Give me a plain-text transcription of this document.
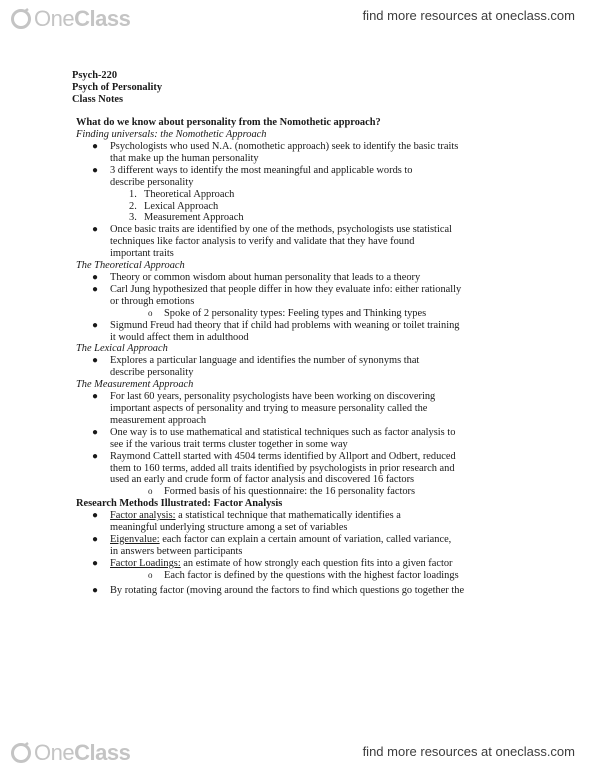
One Class	find more resources at oneclass.com
Psych-220
Psych of Personality
Class Notes
What do we know about personality from the Nomothetic approach?
Finding universals: the Nomothetic Approach
● Psychologists who used N.A. (nomothetic approach) seek to identify the basic traits
that make up the human personality
● 3 different ways to identify the most meaningful and applicable words to
describe personality
1. Theoretical Approach
2. Lexical Approach
3. Measurement Approach
● Once basic traits are identified by one of the methods, psychologists use statistical
techniques like factor analysis to verify and validate that they have found
important traits
The Theoretical Approach
● Theory or common wisdom about human personality that leads to a theory
● Carl Jung hypothesized that people differ in how they evaluate info: either rationally
or through emotions
o Spoke of 2 personality types: Feeling types and Thinking types
● Sigmund Freud had theory that if child had problems with weaning or toilet training
it would affect them in adulthood
The Lexical Approach
● Explores a particular language and identifies the number of synonyms that
describe personality
The Measurement Approach
● For last 60 years, personality psychologists have been working on discovering
important aspects of personality and trying to measure personality called the
measurement approach
● One way is to use mathematical and statistical techniques such as factor analysis to
see if the various trait terms cluster together in some way
● Raymond Cattell started with 4504 terms identified by Allport and Odbert, reduced
them to 160 terms, added all traits identified by psychologists in prior research and
used an early and crude form of factor analysis and discovered 16 factors
o Formed basis of his questionnaire: the 16 personality factors
Research Methods Illustrated: Factor Analysis
● Factor analysis: a statistical technique that mathematically identifies a
meaningful underlying structure among a set of variables
● Eigenvalue: each factor can explain a certain amount of variation, called variance,
in answers between participants
● Factor Loadings: an estimate of how strongly each question fits into a given factor
o Each factor is defined by the questions with the highest factor loadings
● By rotating factor (moving around the factors to find which questions go together the
One Class	find more resources at oneclass.com
